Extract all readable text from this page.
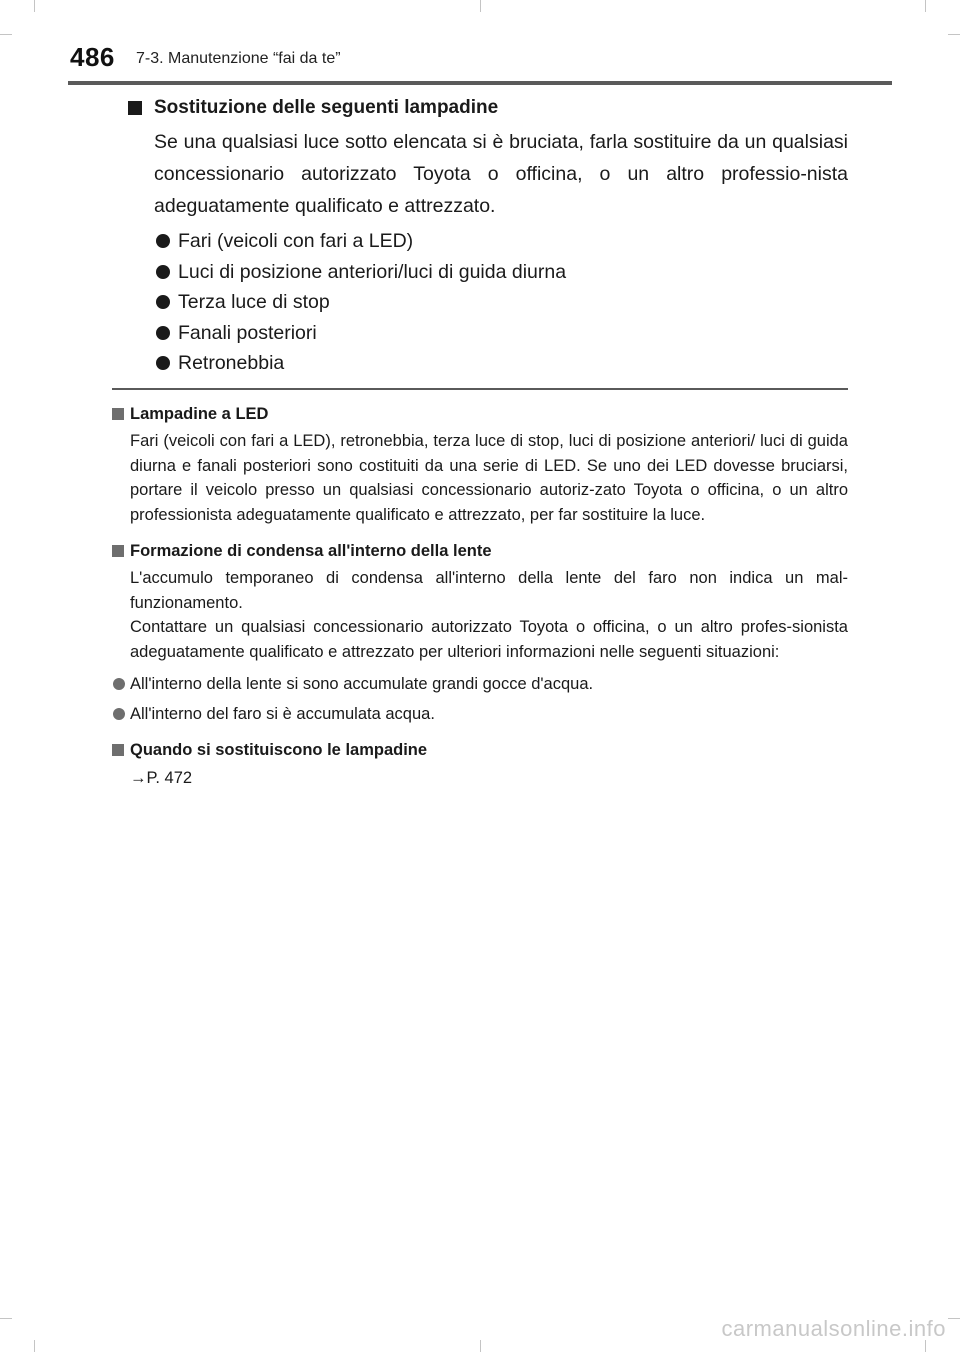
486 7-3. Manutenzione “fai da te”
Sostituzione delle seguenti lampadine
Se una qualsiasi luce sotto elencata si è bruciata, farla sostituire da un qualsiasi concessionario autorizzato Toyota o officina, o un altro professio-nista adeguatamente qualificato e attrezzato.
Fari (veicoli con fari a LED)
Luci di posizione anteriori/luci di guida diurna
Terza luce di stop
Fanali posteriori
Retronebbia
Lampadine a LED
Fari (veicoli con fari a LED), retronebbia, terza luce di stop, luci di posizione anteriori/ luci di guida diurna e fanali posteriori sono costituiti da una serie di LED. Se uno dei LED dovesse bruciarsi, portare il veicolo presso un qualsiasi concessionario autoriz-zato Toyota o officina, o un altro professionista adeguatamente qualificato e attrezzato, per far sostituire la luce.
Formazione di condensa all'interno della lente
L'accumulo temporaneo di condensa all'interno della lente del faro non indica un mal-funzionamento.
Contattare un qualsiasi concessionario autorizzato Toyota o officina, o un altro profes-sionista adeguatamente qualificato e attrezzato per ulteriori informazioni nelle seguenti situazioni:
All'interno della lente si sono accumulate grandi gocce d'acqua.
All'interno del faro si è accumulata acqua.
Quando si sostituiscono le lampadine
→P. 472
carmanualsonline.info
